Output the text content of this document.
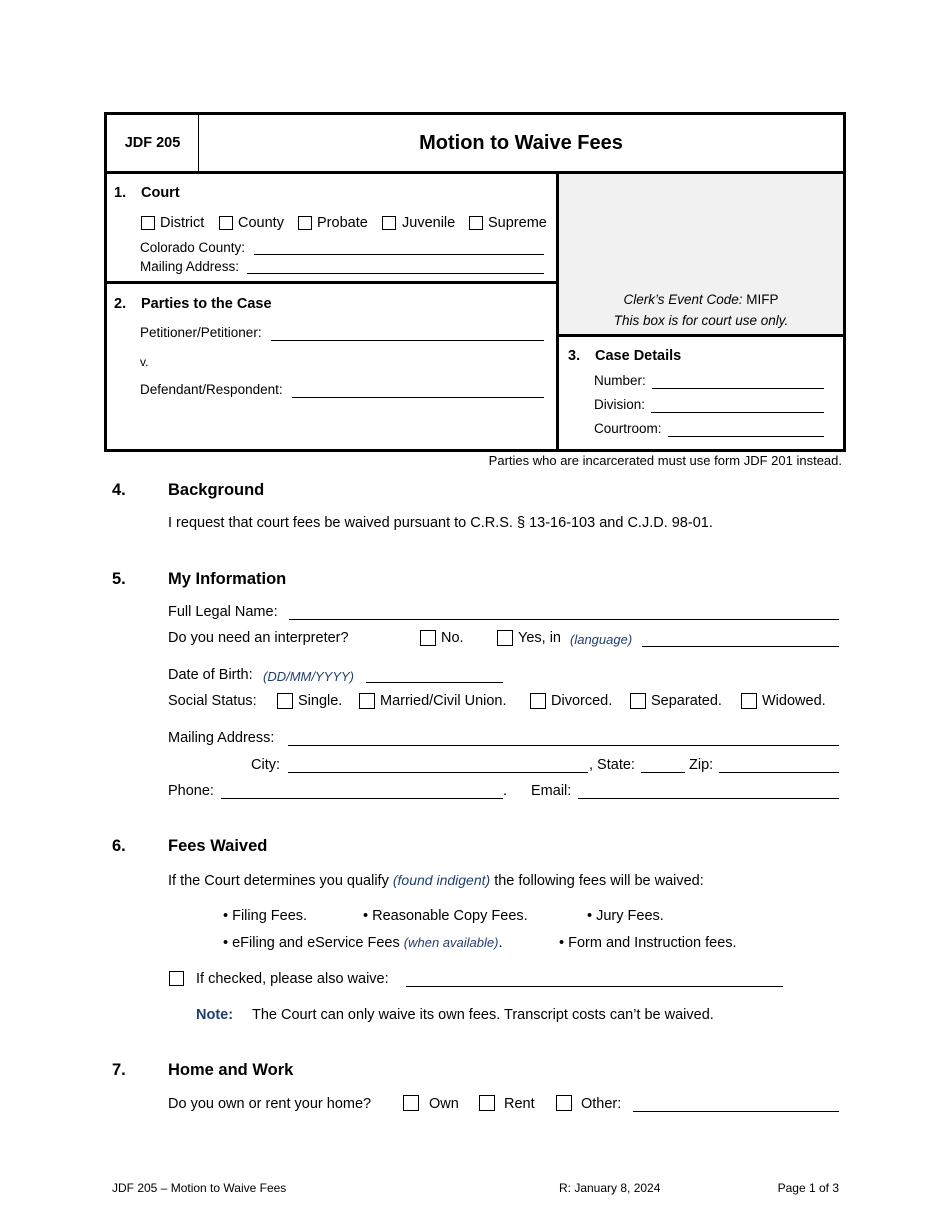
JDF 205	Motion to Waive Fees
1. Court
District County Probate Juvenile Supreme
Colorado County:
Mailing Address:
2. Parties to the Case
Petitioner/Petitioner:
v.
Defendant/Respondent:
Clerk’s Event Code: MIFP
This box is for court use only.
3. Case Details
Number:
Division:
Courtroom:
Parties who are incarcerated must use form JDF 201 instead.
4.	Background
I request that court fees be waived pursuant to C.R.S. § 13-16-103 and C.J.D. 98-01.
5.	My Information
Full Legal Name:
Do you need an interpreter?	No.	Yes, in (language)
Date of Birth: (DD/MM/YYYY)
Social Status:	Single.	Married/Civil Union.	Divorced.	Separated.	Widowed.
Mailing Address:
City:	, State:	Zip:
Phone:	. Email:
6.	Fees Waived
If the Court determines you qualify (found indigent) the following fees will be waived:
• Filing Fees.	• Reasonable Copy Fees.	• Jury Fees.
• eFiling and eService Fees (when available).	• Form and Instruction fees.
If checked, please also waive:
Note: The Court can only waive its own fees. Transcript costs can’t be waived.
7.	Home and Work
Do you own or rent your home?	Own	Rent	Other:
JDF 205 – Motion to Waive Fees	R: January 8, 2024	Page 1 of 3
